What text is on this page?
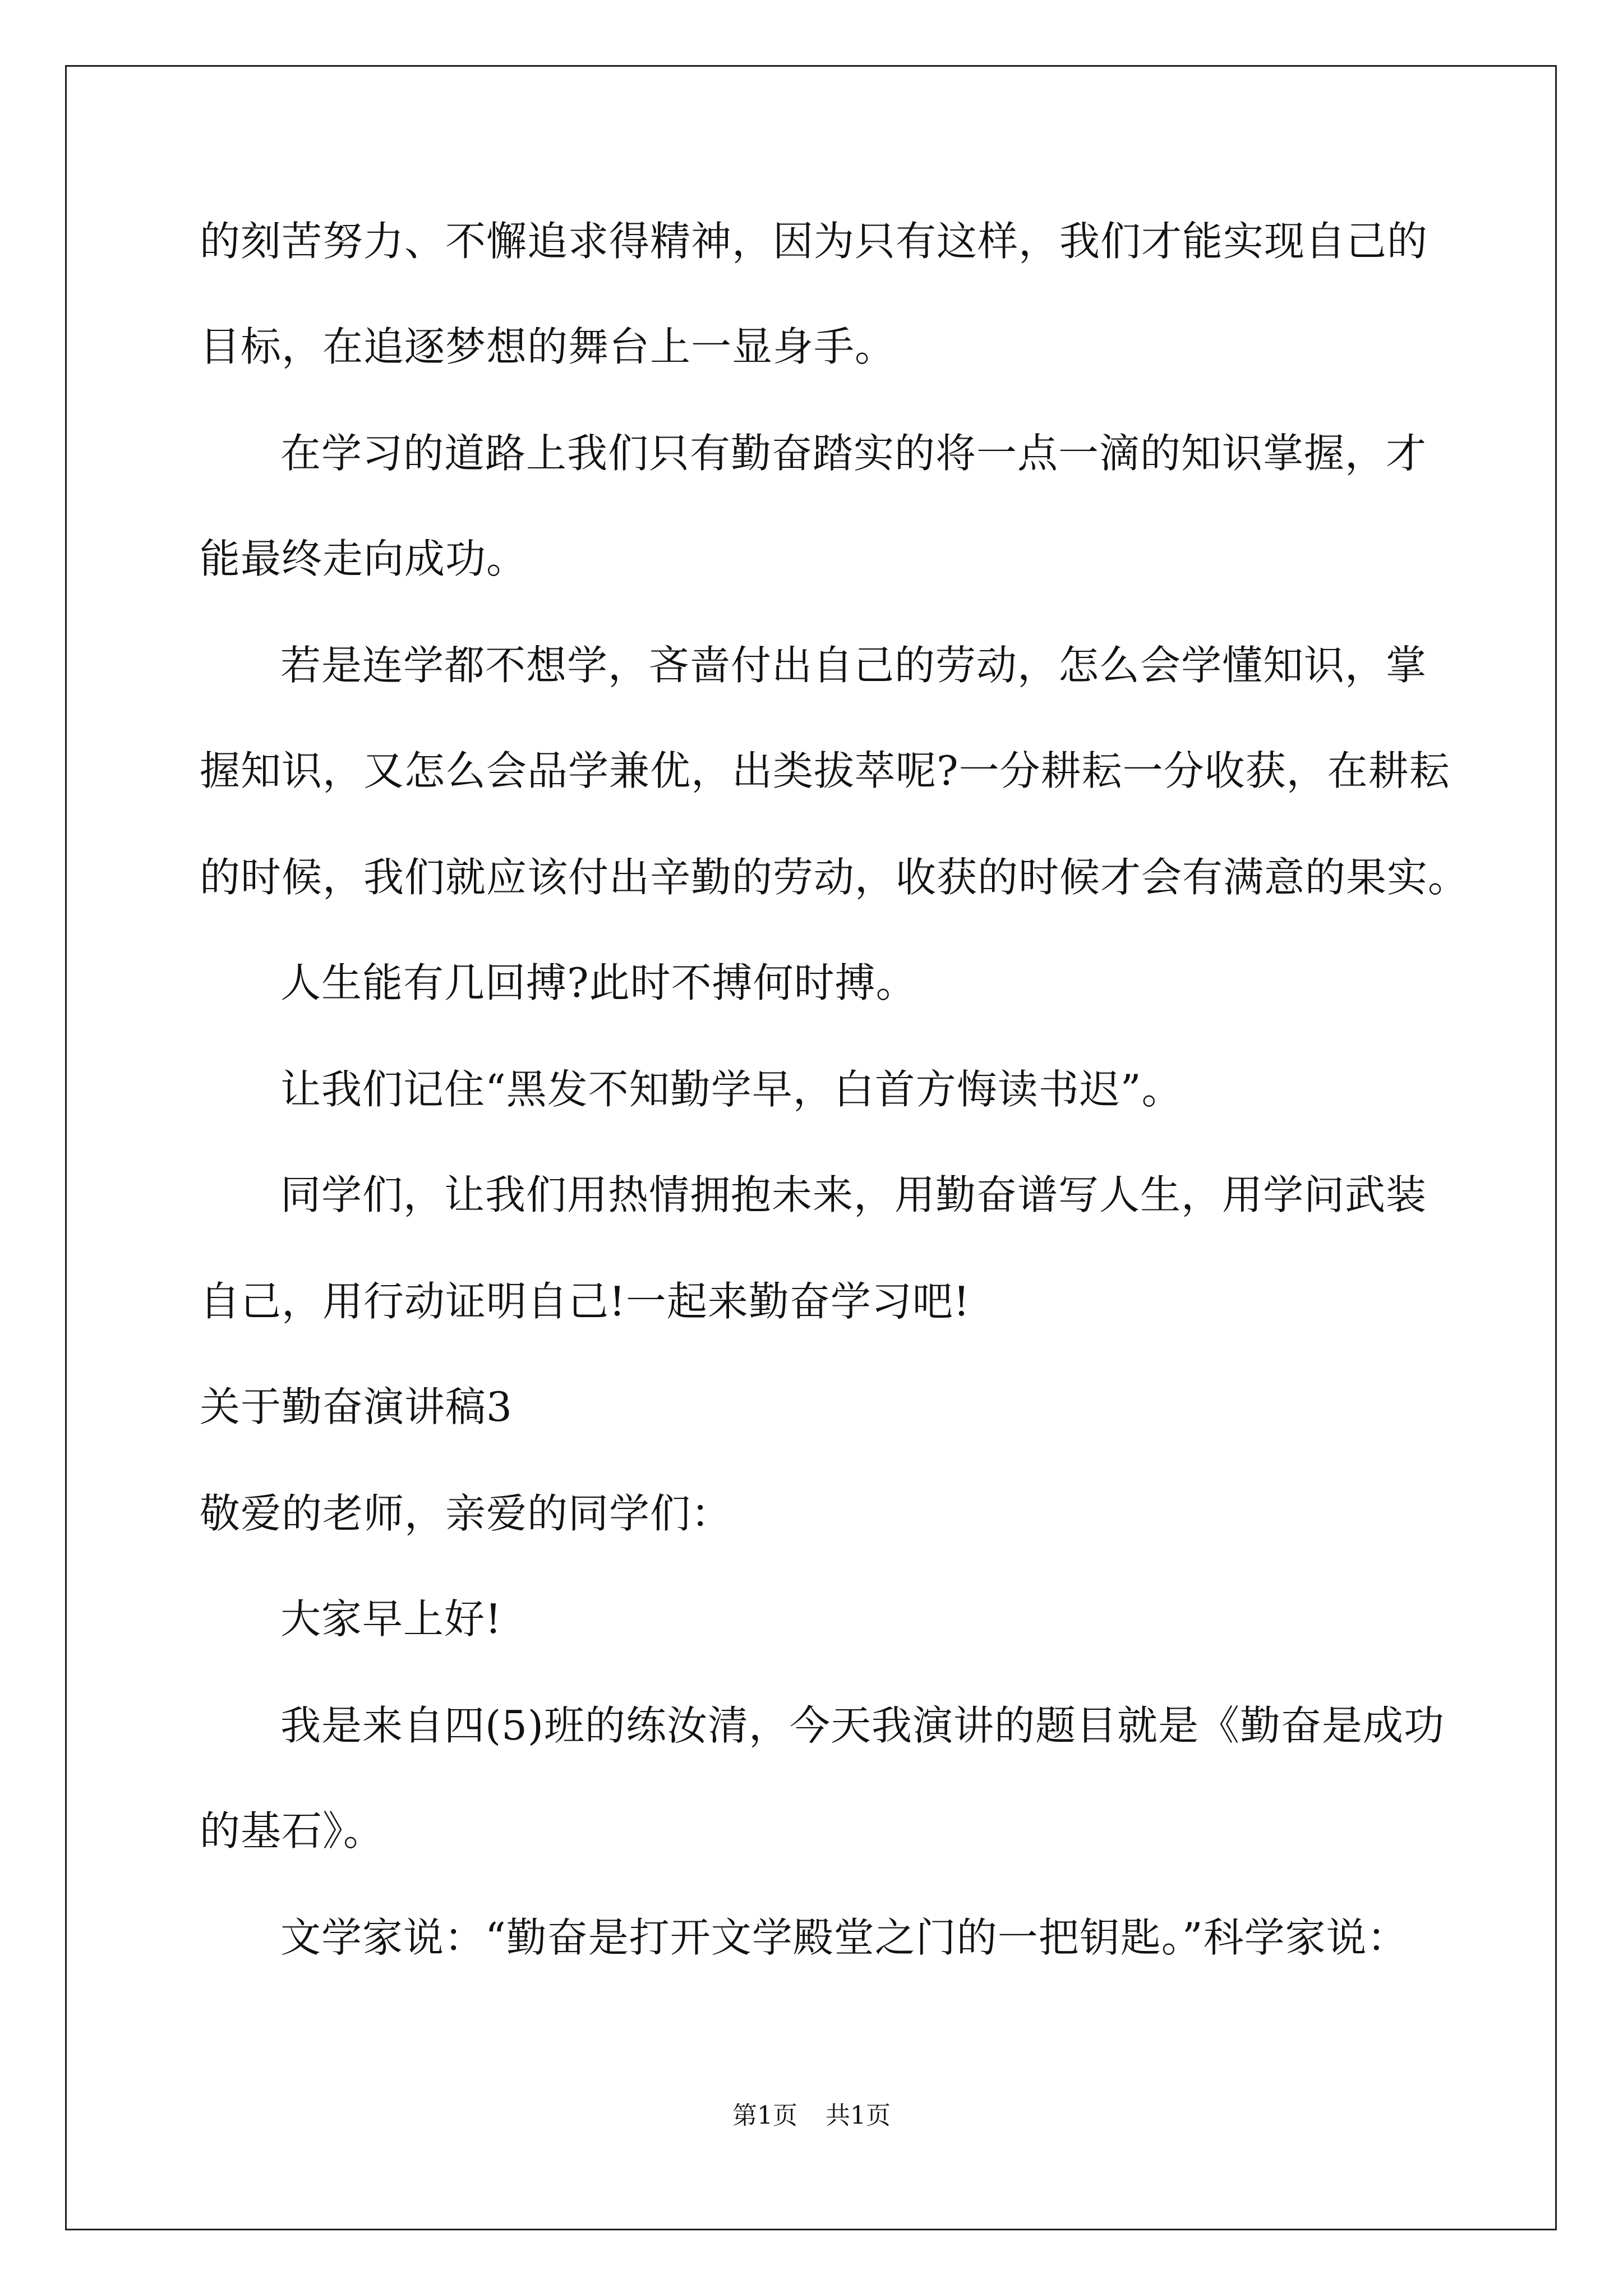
的刻苦努力、不懈追求得精神，因为只有这样，我们才能实现自己的
目标，在追逐梦想的舞台上一显身手。
在学习的道路上我们只有勤奋踏实的将一点一滴的知识掌握，才
能最终走向成功。
若是连学都不想学，吝啬付出自己的劳动，怎么会学懂知识，掌
握知识，又怎么会品学兼优，出类拔萃呢?一分耕耘一分收获，在耕耘
的时候，我们就应该付出辛勤的劳动，收获的时候才会有满意的果实。
人生能有几回搏?此时不搏何时搏。
让我们记住“黑发不知勤学早，白首方悔读书迟”。
同学们，让我们用热情拥抱未来，用勤奋谱写人生，用学问武装
自己，用行动证明自己!一起来勤奋学习吧!
关于勤奋演讲稿3
敬爱的老师，亲爱的同学们：
大家早上好!
我是来自四(5)班的练汝清，今天我演讲的题目就是《勤奋是成功
的基石》。
文学家说：“勤奋是打开文学殿堂之门的一把钥匙。”科学家说：
第1页 共1页
